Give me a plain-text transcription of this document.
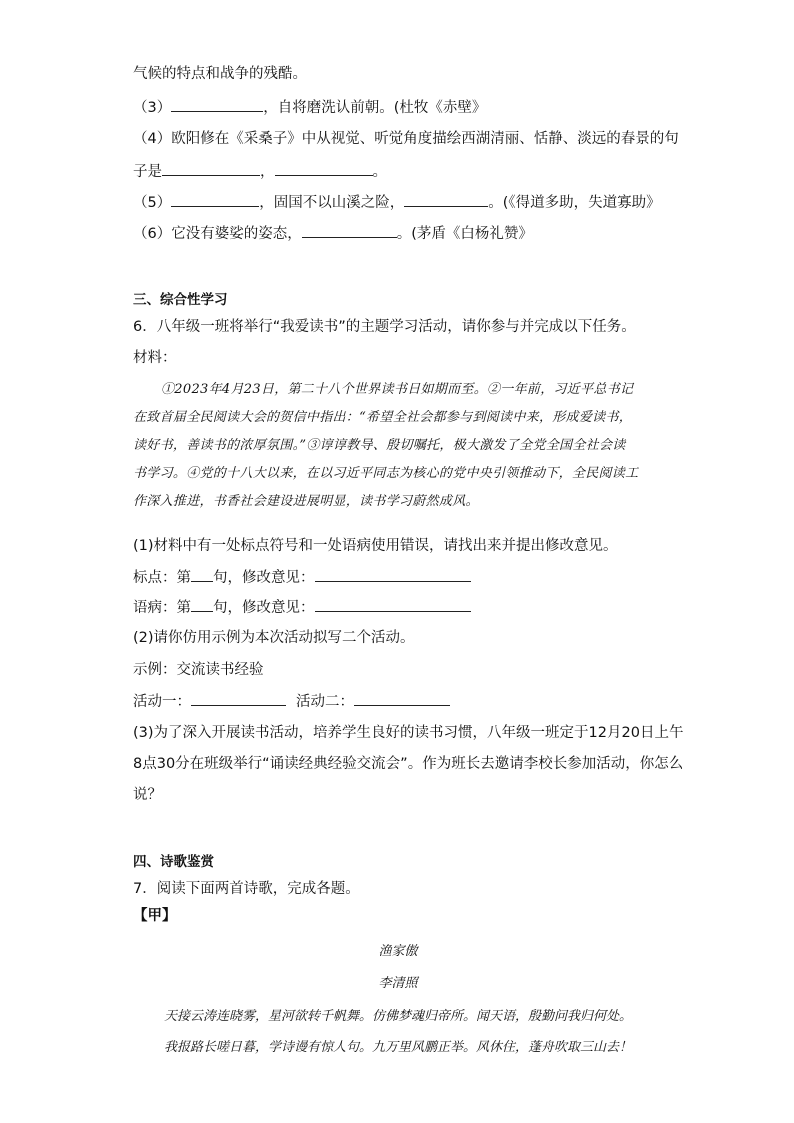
气候的特点和战争的残酷。
（3）	，自将磨洗认前朝。(杜牧《赤壁》
（4）欧阳修在《采桑子》中从视觉、听觉角度描绘西湖清丽、恬静、淡远的春景的句
子是	，	。
（5）	，固国不以山溪之险，	。(《得道多助，失道寡助》
（6）它没有婆娑的姿态，	。(茅盾《白杨礼赞》
三、综合性学习
6．八年级一班将举行“我爱读书”的主题学习活动，请你参与并完成以下任务。
材料：

①2023年4月23日，第二十八个世界读书日如期而至。②一年前，习近平总书记

在致首届全民阅读大会的贺信中指出：“希望全社会都参与到阅读中来，形成爱读书，

读好书，善读书的浓厚氛围。”③谆谆教导、殷切嘱托，极大激发了全党全国全社会读

书学习。④党的十八大以来，在以习近平同志为核心的党中央引领推动下，全民阅读工

作深入推进，书香社会建设进展明显，读书学习蔚然成风。

(1)材料中有一处标点符号和一处语病使用错误，请找出来并提出修改意见。
标点：第 句，修改意见：
语病：第 句，修改意见：
(2)请你仿用示例为本次活动拟写二个活动。
示例：交流读书经验
活动一：	活动二：
(3)为了深入开展读书活动，培养学生良好的读书习惯，八年级一班定于12月20日上午
8点30分在班级举行“诵读经典经验交流会”。作为班长去邀请李校长参加活动，你怎么
说？
四、诗歌鉴赏
7．阅读下面两首诗歌，完成各题。
【甲】
渔家傲
李清照
天接云涛连晓雾，星河欲转千帆舞。仿佛梦魂归帝所。闻天语，殷勤问我归何处。
我报路长嗟日暮，学诗谩有惊人句。九万里风鹏正举。风休住，蓬舟吹取三山去！
